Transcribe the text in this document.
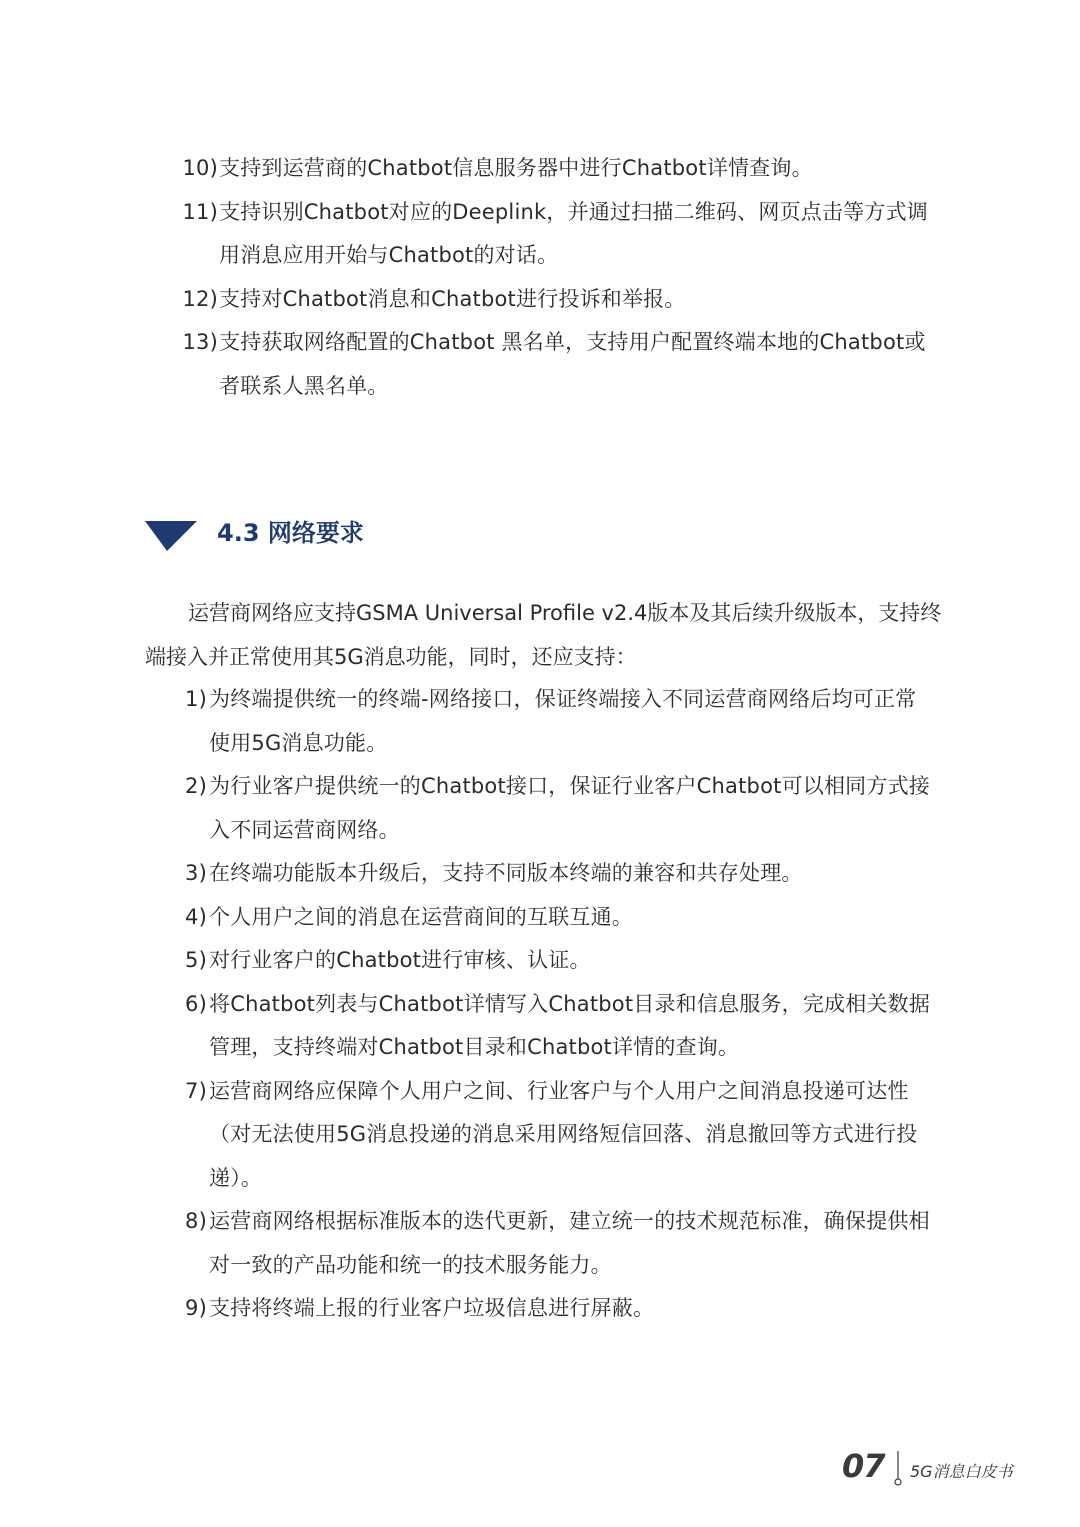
10) 支持到运营商的Chatbot信息服务器中进行Chatbot详情查询。
11) 支持识别Chatbot对应的Deeplink，并通过扫描二维码、网页点击等方式调
用消息应用开始与Chatbot的对话。
12) 支持对Chatbot消息和Chatbot进行投诉和举报。
13) 支持获取网络配置的Chatbot 黑名单，支持用户配置终端本地的Chatbot或
者联系人黑名单。
4.3 网络要求
运营商网络应支持GSMA Universal Profile v2.4版本及其后续升级版本，支持终
端接入并正常使用其5G消息功能，同时，还应支持：
1) 为终端提供统一的终端-网络接口，保证终端接入不同运营商网络后均可正常
使用5G消息功能。
2) 为行业客户提供统一的Chatbot接口，保证行业客户Chatbot可以相同方式接
入不同运营商网络。
3) 在终端功能版本升级后，支持不同版本终端的兼容和共存处理。
4) 个人用户之间的消息在运营商间的互联互通。
5) 对行业客户的Chatbot进行审核、认证。
6) 将Chatbot列表与Chatbot详情写入Chatbot目录和信息服务，完成相关数据
管理，支持终端对Chatbot目录和Chatbot详情的查询。
7) 运营商网络应保障个人用户之间、行业客户与个人用户之间消息投递可达性
（对无法使用5G消息投递的消息采用网络短信回落、消息撤回等方式进行投
递）。
8) 运营商网络根据标准版本的迭代更新，建立统一的技术规范标准，确保提供相
对一致的产品功能和统一的技术服务能力。
9) 支持将终端上报的行业客户垃圾信息进行屏蔽。
07 5G消息白皮书
